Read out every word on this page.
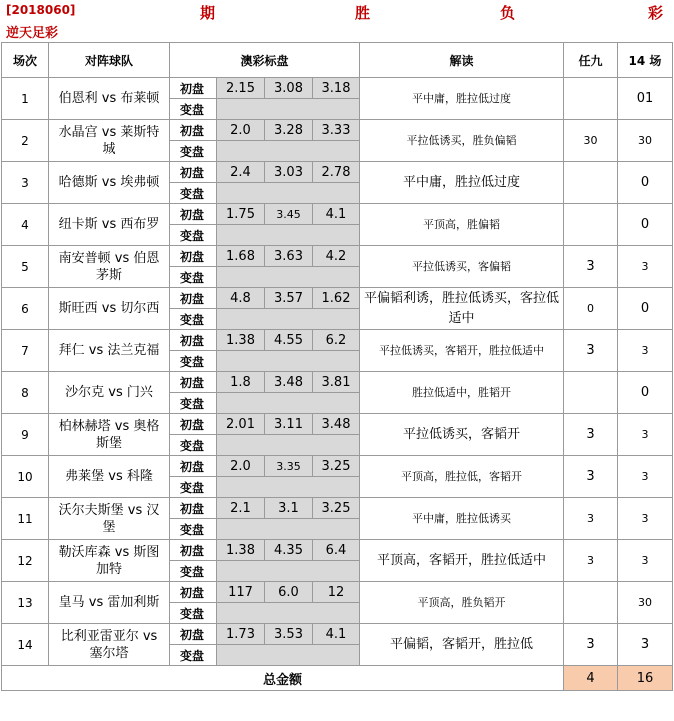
[2018060]
逆天足彩
期	胜	负	彩
场次	对阵球队	澳彩标盘				解读	任九	14 场
1	伯恩利 vs 布莱顿	初盘	2.15	3.08	3.18	平中庸，胜拉低过度		01
		变盘						
2	水晶宫 vs 莱斯特城	初盘	2.0	3.28	3.33	平拉低诱买，胜负偏韬	30	30
		变盘						
3	哈德斯 vs 埃弗顿	初盘	2.4	3.03	2.78	平中庸，胜拉低过度		0
		变盘						
4	纽卡斯 vs 西布罗	初盘	1.75	3.45	4.1	平顶高，胜偏韬		0
		变盘						
5	南安普顿 vs 伯恩茅斯	初盘	1.68	3.63	4.2	平拉低诱买，客偏韬	3	3
		变盘						
6	斯旺西 vs 切尔西	初盘	4.8	3.57	1.62	平偏韬利诱，胜拉低诱买，客拉低适中	0	0
		变盘						
7	拜仁 vs 法兰克福	初盘	1.38	4.55	6.2	平拉低诱买，客韬开，胜拉低适中	3	3
		变盘						
8	沙尔克 vs 门兴	初盘	1.8	3.48	3.81	胜拉低适中，胜韬开		0
		变盘						
9	柏林赫塔 vs 奥格斯堡	初盘	2.01	3.11	3.48	平拉低诱买，客韬开	3	3
		变盘						
10	弗莱堡 vs 科隆	初盘	2.0	3.35	3.25	平顶高，胜拉低，客韬开	3	3
		变盘						
11	沃尔夫斯堡 vs 汉堡	初盘	2.1	3.1	3.25	平中庸，胜拉低诱买	3	3
		变盘						
12	勒沃库森 vs 斯图加特	初盘	1.38	4.35	6.4	平顶高，客韬开，胜拉低适中	3	3
		变盘						
13	皇马 vs 雷加利斯	初盘	117	6.0	12	平顶高，胜负韬开		30
		变盘						
14	比利亚雷亚尔 vs 塞尔塔	初盘	1.73	3.53	4.1	平偏韬，客韬开，胜拉低	3	3
		变盘						
总金额							4	16
